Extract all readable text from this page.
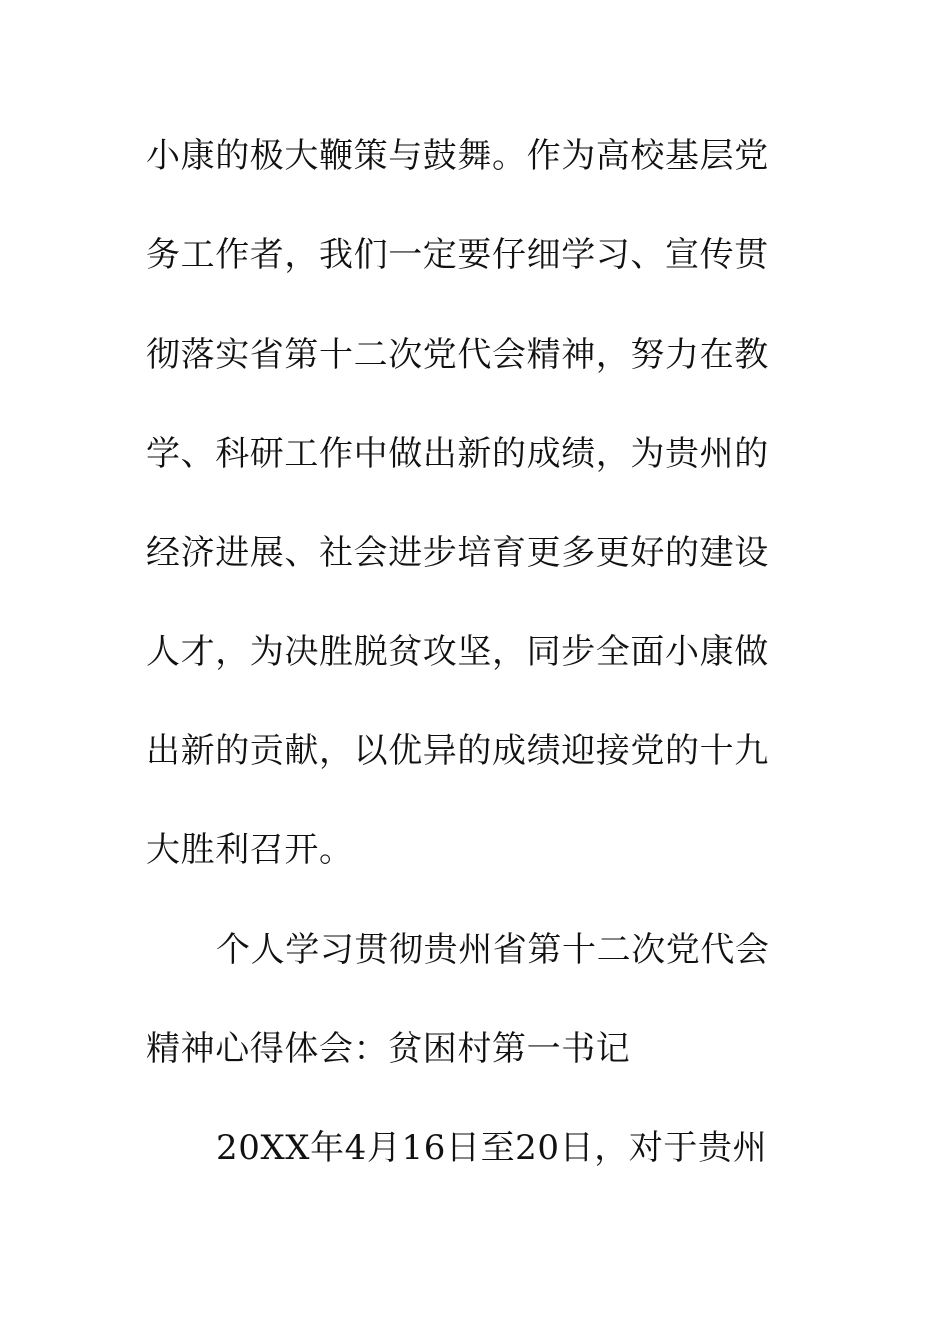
小康的极大鞭策与鼓舞。作为高校基层党
务工作者，我们一定要仔细学习、宣传贯
彻落实省第十二次党代会精神，努力在教
学、科研工作中做出新的成绩，为贵州的
经济进展、社会进步培育更多更好的建设
人才，为决胜脱贫攻坚，同步全面小康做
出新的贡献，以优异的成绩迎接党的十九
大胜利召开。
个人学习贯彻贵州省第十二次党代会
精神心得体会：贫困村第一书记
20XX年4月16日至20日，对于贵州
